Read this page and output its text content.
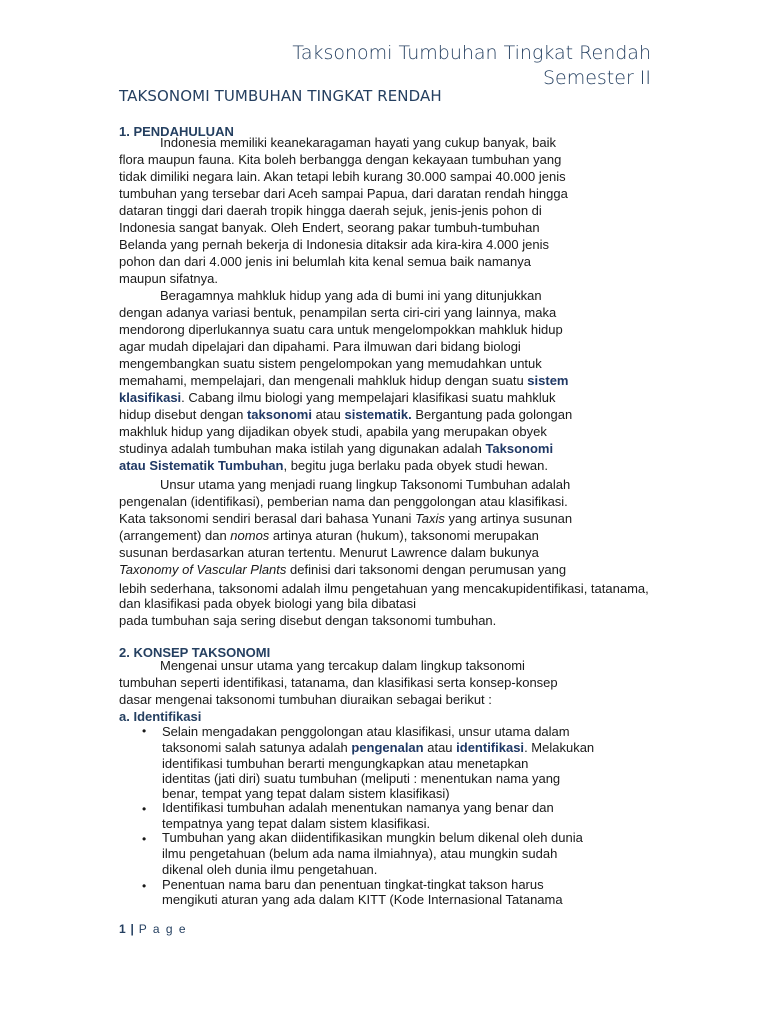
Taksonomi Tumbuhan Tingkat Rendah
Semester II
TAKSONOMI TUMBUHAN TINGKAT RENDAH
1. PENDAHULUAN
Indonesia memiliki keanekaragaman hayati yang cukup banyak, baik
flora maupun fauna. Kita boleh berbangga dengan kekayaan tumbuhan yang
tidak dimiliki negara lain. Akan tetapi lebih kurang 30.000 sampai 40.000 jenis
tumbuhan yang tersebar dari Aceh sampai Papua, dari daratan rendah hingga
dataran tinggi dari daerah tropik hingga daerah sejuk, jenis-jenis pohon di
Indonesia sangat banyak. Oleh Endert, seorang pakar tumbuh-tumbuhan
Belanda yang pernah bekerja di Indonesia ditaksir ada kira-kira 4.000 jenis
pohon dan dari 4.000 jenis ini belumlah kita kenal semua baik namanya
maupun sifatnya.
Beragamnya mahkluk hidup yang ada di bumi ini yang ditunjukkan
dengan adanya variasi bentuk, penampilan serta ciri-ciri yang lainnya, maka
mendorong diperlukannya suatu cara untuk mengelompokkan mahkluk hidup
agar mudah dipelajari dan dipahami. Para ilmuwan dari bidang biologi
mengembangkan suatu sistem pengelompokan yang memudahkan untuk
memahami, mempelajari, dan mengenali mahkluk hidup dengan suatu sistem
klasifikasi. Cabang ilmu biologi yang mempelajari klasifikasi suatu mahkluk
hidup disebut dengan taksonomi atau sistematik. Bergantung pada golongan
makhluk hidup yang dijadikan obyek studi, apabila yang merupakan obyek
studinya adalah tumbuhan maka istilah yang digunakan adalah Taksonomi
atau Sistematik Tumbuhan, begitu juga berlaku pada obyek studi hewan.
Unsur utama yang menjadi ruang lingkup Taksonomi Tumbuhan adalah
pengenalan (identifikasi), pemberian nama dan penggolongan atau klasifikasi.
Kata taksonomi sendiri berasal dari bahasa Yunani Taxis yang artinya susunan
(arrangement) dan nomos artinya aturan (hukum), taksonomi merupakan
susunan berdasarkan aturan tertentu. Menurut Lawrence dalam bukunya
Taxonomy of Vascular Plants definisi dari taksonomi dengan perumusan yang
lebih sederhana, taksonomi adalah ilmu pengetahuan yang mencakupidentifikasi, tatanama,
dan klasifikasi pada obyek biologi yang bila dibatasi
pada tumbuhan saja sering disebut dengan taksonomi tumbuhan.
2. KONSEP TAKSONOMI
Mengenai unsur utama yang tercakup dalam lingkup taksonomi
tumbuhan seperti identifikasi, tatanama, dan klasifikasi serta konsep-konsep
dasar mengenai taksonomi tumbuhan diuraikan sebagai berikut :
a. Identifikasi
• Selain mengadakan penggolongan atau klasifikasi, unsur utama dalam
taksonomi salah satunya adalah pengenalan atau identifikasi. Melakukan
identifikasi tumbuhan berarti mengungkapkan atau menetapkan
identitas (jati diri) suatu tumbuhan (meliputi : menentukan nama yang
benar, tempat yang tepat dalam sistem klasifikasi)
• Identifikasi tumbuhan adalah menentukan namanya yang benar dan
tempatnya yang tepat dalam sistem klasifikasi.
• Tumbuhan yang akan diidentifikasikan mungkin belum dikenal oleh dunia
ilmu pengetahuan (belum ada nama ilmiahnya), atau mungkin sudah
dikenal oleh dunia ilmu pengetahuan.
• Penentuan nama baru dan penentuan tingkat-tingkat takson harus
mengikuti aturan yang ada dalam KITT (Kode Internasional Tatanama
1 | P a g e
